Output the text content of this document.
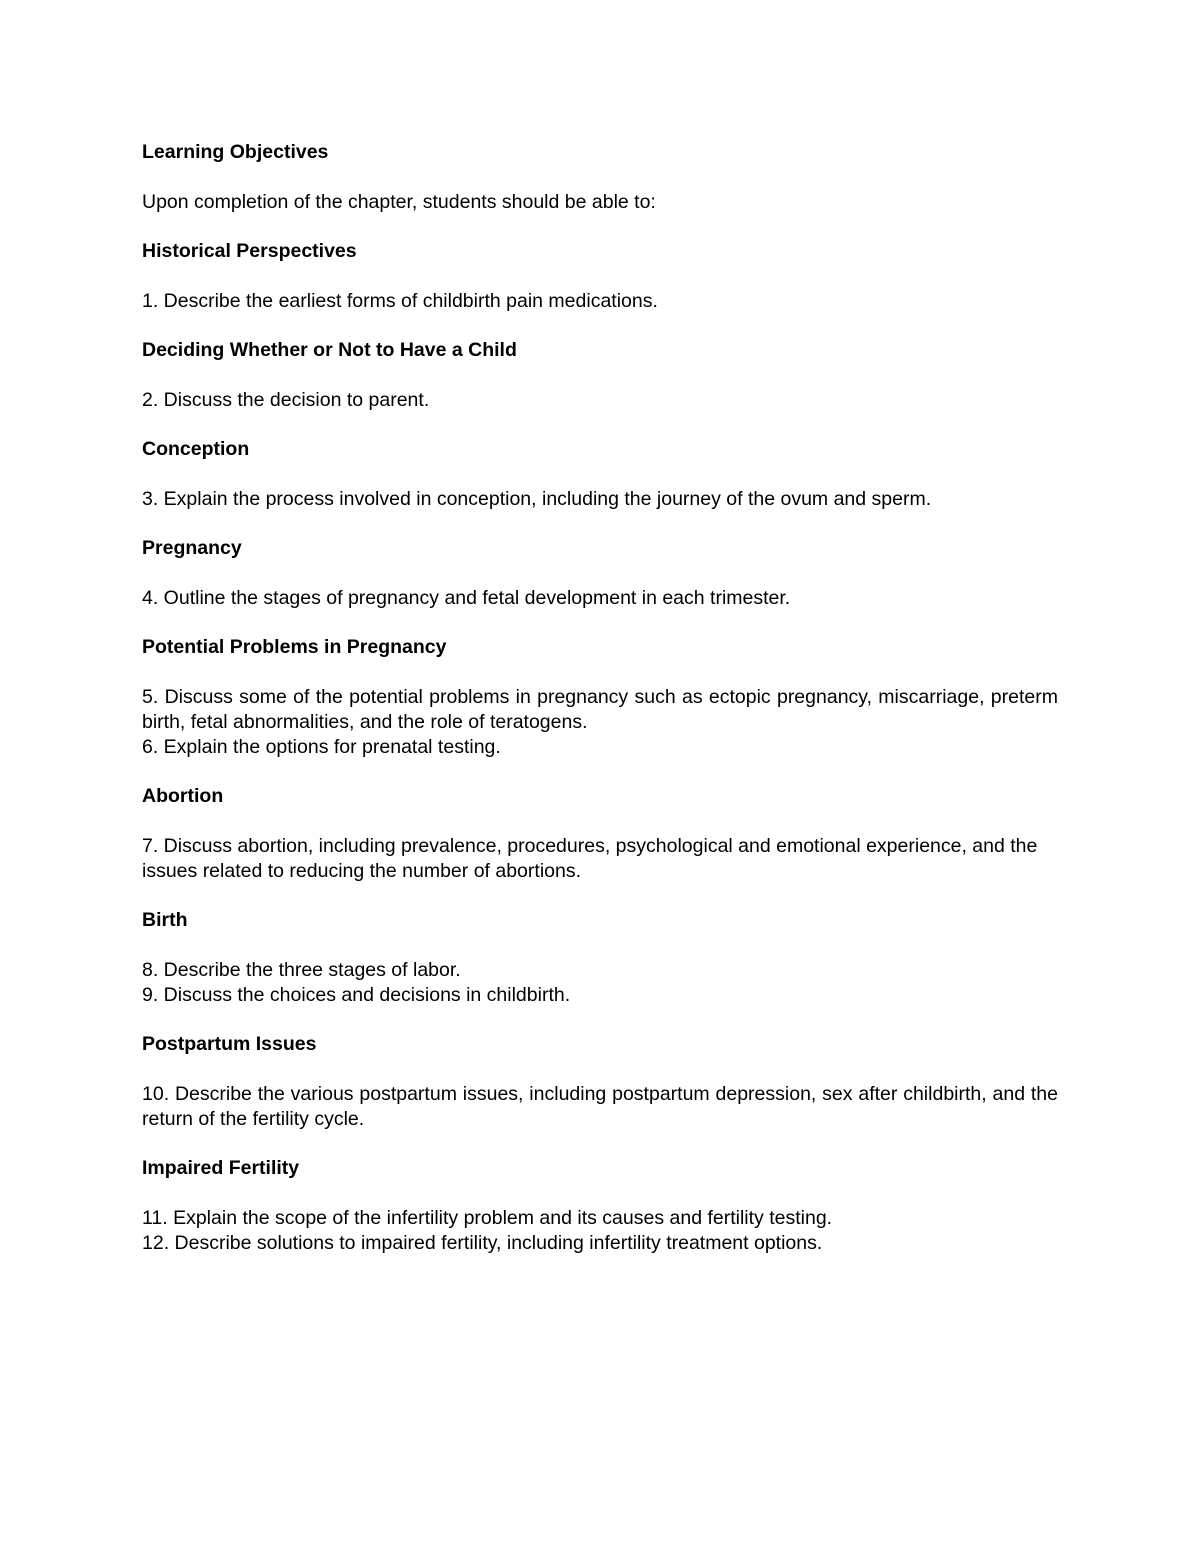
Learning Objectives

Upon completion of the chapter, students should be able to:

Historical Perspectives

1. Describe the earliest forms of childbirth pain medications.

Deciding Whether or Not to Have a Child

2. Discuss the decision to parent.

Conception

3. Explain the process involved in conception, including the journey of the ovum and sperm.

Pregnancy

4. Outline the stages of pregnancy and fetal development in each trimester.

Potential Problems in Pregnancy

5. Discuss some of the potential problems in pregnancy such as ectopic pregnancy, miscarriage, preterm birth, fetal abnormalities, and the role of teratogens.

6. Explain the options for prenatal testing.

Abortion

7. Discuss abortion, including prevalence, procedures, psychological and emotional experience, and the issues related to reducing the number of abortions.

Birth

8. Describe the three stages of labor.

9. Discuss the choices and decisions in childbirth.

Postpartum Issues

10. Describe the various postpartum issues, including postpartum depression, sex after childbirth, and the return of the fertility cycle.

Impaired Fertility

11. Explain the scope of the infertility problem and its causes and fertility testing.

12. Describe solutions to impaired fertility, including infertility treatment options.
